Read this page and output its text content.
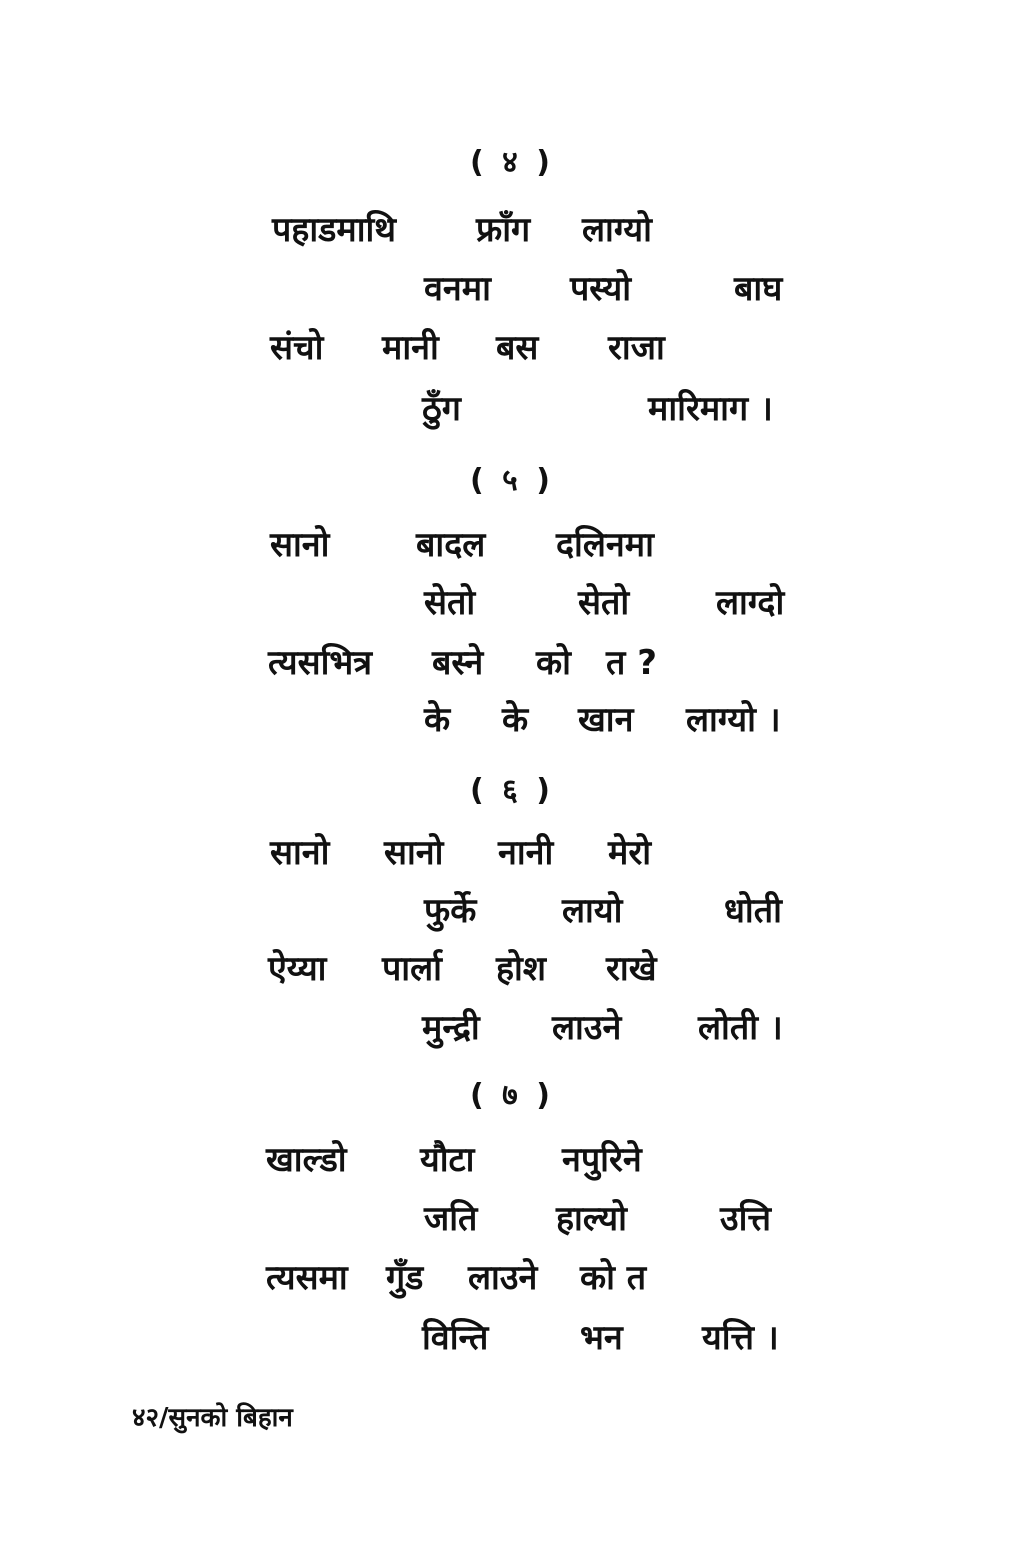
( ४ )
पहाडमाथि फ्राँग लाग्यो
वनमा पस्यो	बाघ
संचो मानी बस राजा
ठुँग	मारिमाग ।
( ५ )
सानो	बादल दलिनमा
सेतो	सेतो	लाग्दो
त्यसभित्र बस्ने को त ?
के के खान लाग्यो ।
( ६ )
सानो सानो नानी मेरो
फुर्के	लायो	धोती
ऐय्या पार्ला होश राखे
मुन्द्री लाउने लोती ।
( ७ )
खाल्डो यौटा	नपुरिने
जति हाल्यो	उत्ति
त्यसमा गुँड लाउने को त
विन्ति	भन यत्ति ।
४२/सुनको बिहान
